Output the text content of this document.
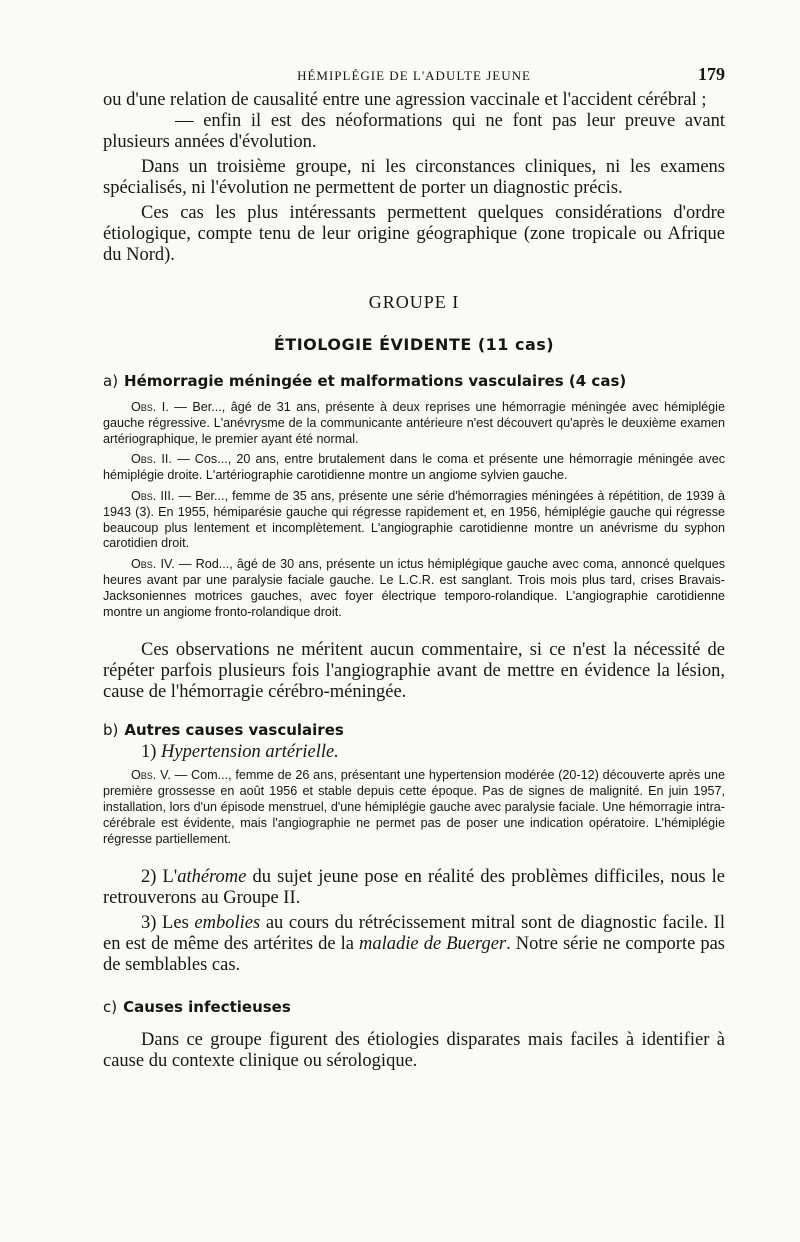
HÉMIPLÉGIE DE L'ADULTE JEUNE	179

ou d'une relation de causalité entre une agression vaccinale et l'accident cérébral ;

— enfin il est des néoformations qui ne font pas leur preuve avant plusieurs années d'évolution.

Dans un troisième groupe, ni les circonstances cliniques, ni les examens spécialisés, ni l'évolution ne permettent de porter un diagnostic précis.

Ces cas les plus intéressants permettent quelques considérations d'ordre étiologique, compte tenu de leur origine géographique (zone tropicale ou Afrique du Nord).

GROUPE I
ÉTIOLOGIE ÉVIDENTE (11 cas)
a) Hémorragie méningée et malformations vasculaires (4 cas)

Obs. I. — Ber..., âgé de 31 ans, présente à deux reprises une hémorragie méningée avec hémiplégie gauche régressive. L'anévrysme de la communicante antérieure n'est découvert qu'après le deuxième examen artériographique, le premier ayant été normal.

Obs. II. — Cos..., 20 ans, entre brutalement dans le coma et présente une hémorragie méningée avec hémiplégie droite. L'artériographie carotidienne montre un angiome sylvien gauche.

Obs. III. — Ber..., femme de 35 ans, présente une série d'hémorragies méningées à répétition, de 1939 à 1943 (3). En 1955, hémiparésie gauche qui régresse rapidement et, en 1956, hémiplégie gauche qui régresse beaucoup plus lentement et incomplètement. L'angiographie carotidienne montre un anévrisme du syphon carotidien droit.

Obs. IV. — Rod..., âgé de 30 ans, présente un ictus hémiplégique gauche avec coma, annoncé quelques heures avant par une paralysie faciale gauche. Le L.C.R. est sanglant. Trois mois plus tard, crises Bravais-Jacksoniennes motrices gauches, avec foyer électrique temporo-rolandique. L'angiographie carotidienne montre un angiome fronto-rolandique droit.

Ces observations ne méritent aucun commentaire, si ce n'est la nécessité de répéter parfois plusieurs fois l'angiographie avant de mettre en évidence la lésion, cause de l'hémorragie cérébro-méningée.

b) Autres causes vasculaires
1) Hypertension artérielle.

Obs. V. — Com..., femme de 26 ans, présentant une hypertension modérée (20-12) découverte après une première grossesse en août 1956 et stable depuis cette époque. Pas de signes de malignité. En juin 1957, installation, lors d'un épisode menstruel, d'une hémiplégie gauche avec paralysie faciale. Une hémorragie intra-cérébrale est évidente, mais l'angiographie ne permet pas de poser une indication opératoire. L'hémiplégie régresse partiellement.

2) L'athérome du sujet jeune pose en réalité des problèmes difficiles, nous le retrouverons au Groupe II.

3) Les embolies au cours du rétrécissement mitral sont de diagnostic facile. Il en est de même des artérites de la maladie de Buerger. Notre série ne comporte pas de semblables cas.

c) Causes infectieuses

Dans ce groupe figurent des étiologies disparates mais faciles à identifier à cause du contexte clinique ou sérologique.
